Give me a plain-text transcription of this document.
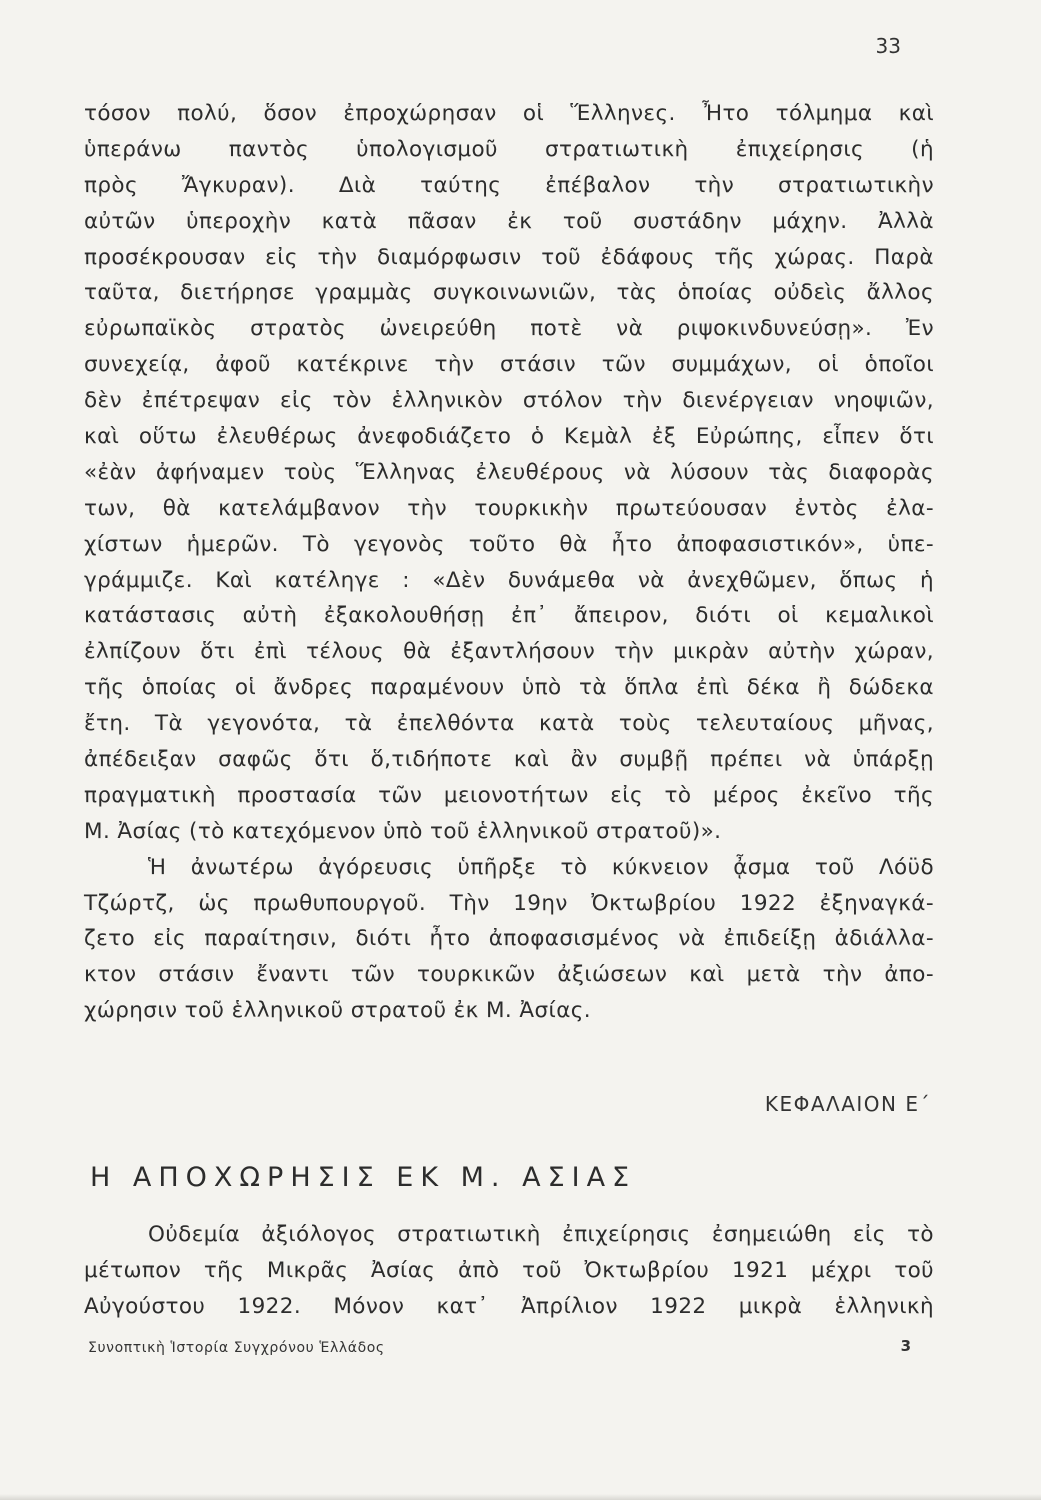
33
τόσον πολύ, ὅσον ἐπροχώρησαν οἱ Ἕλληνες. Ἦτο τόλμημα καὶ
ὑπεράνω παντὸς ὑπολογισμοῦ στρατιωτικὴ ἐπιχείρησις (ἡ
πρὸς Ἄγκυραν). Διὰ ταύτης ἐπέβαλον τὴν στρατιωτικὴν
αὐτῶν ὑπεροχὴν κατὰ πᾶσαν ἐκ τοῦ συστάδην μάχην. Ἀλλὰ
προσέκρουσαν εἰς τὴν διαμόρφωσιν τοῦ ἐδάφους τῆς χώρας. Παρὰ
ταῦτα, διετήρησε γραμμὰς συγκοινωνιῶν, τὰς ὁποίας οὐδεὶς ἄλλος
εὐρωπαϊκὸς στρατὸς ὠνειρεύθη ποτὲ νὰ ριψοκινδυνεύσῃ». Ἐν
συνεχείᾳ, ἀφοῦ κατέκρινε τὴν στάσιν τῶν συμμάχων, οἱ ὁποῖοι
δὲν ἐπέτρεψαν εἰς τὸν ἑλληνικὸν στόλον τὴν διενέργειαν νηοψιῶν,
καὶ οὕτω ἐλευθέρως ἀνεφοδιάζετο ὁ Κεμὰλ ἐξ Εὐρώπης, εἶπεν ὅτι
«ἐὰν ἀφήναμεν τοὺς Ἕλληνας ἐλευθέρους νὰ λύσουν τὰς διαφορὰς
των, θὰ κατελάμβανον τὴν τουρκικὴν πρωτεύουσαν ἐντὸς ἐλα-
χίστων ἡμερῶν. Τὸ γεγονὸς τοῦτο θὰ ἦτο ἀποφασιστικόν», ὑπε-
γράμμιζε. Καὶ κατέληγε : «Δὲν δυνάμεθα νὰ ἀνεχθῶμεν, ὅπως ἡ
κατάστασις αὐτὴ ἐξακολουθήσῃ ἐπ᾽ ἄπειρον, διότι οἱ κεμαλικοὶ
ἐλπίζουν ὅτι ἐπὶ τέλους θὰ ἐξαντλήσουν τὴν μικρὰν αὐτὴν χώραν,
τῆς ὁποίας οἱ ἄνδρες παραμένουν ὑπὸ τὰ ὅπλα ἐπὶ δέκα ἢ δώδεκα
ἔτη. Τὰ γεγονότα, τὰ ἐπελθόντα κατὰ τοὺς τελευταίους μῆνας,
ἀπέδειξαν σαφῶς ὅτι ὅ,τιδήποτε καὶ ἂν συμβῇ πρέπει νὰ ὑπάρξῃ
πραγματικὴ προστασία τῶν μειονοτήτων εἰς τὸ μέρος ἐκεῖνο τῆς
Μ. Ἀσίας (τὸ κατεχόμενον ὑπὸ τοῦ ἑλληνικοῦ στρατοῦ)».
Ἡ ἀνωτέρω ἀγόρευσις ὑπῆρξε τὸ κύκνειον ᾆσμα τοῦ Λόϋδ
Τζώρτζ, ὡς πρωθυπουργοῦ. Τὴν 19ην Ὀκτωβρίου 1922 ἐξηναγκά-
ζετο εἰς παραίτησιν, διότι ἦτο ἀποφασισμένος νὰ ἐπιδείξῃ ἀδιάλλα-
κτον στάσιν ἔναντι τῶν τουρκικῶν ἀξιώσεων καὶ μετὰ τὴν ἀπο-
χώρησιν τοῦ ἑλληνικοῦ στρατοῦ ἐκ Μ. Ἀσίας.
ΚΕΦΑΛΑΙΟΝ Ε΄
Η ΑΠΟΧΩΡΗΣΙΣ ΕΚ Μ. ΑΣΙΑΣ
Οὐδεμία ἀξιόλογος στρατιωτικὴ ἐπιχείρησις ἐσημειώθη εἰς τὸ
μέτωπον τῆς Μικρᾶς Ἀσίας ἀπὸ τοῦ Ὀκτωβρίου 1921 μέχρι τοῦ
Αὐγούστου 1922. Μόνον κατ᾽ Ἀπρίλιον 1922 μικρὰ ἑλληνικὴ
Συνοπτικὴ Ἱστορία Συγχρόνου Ἑλλάδος	3
